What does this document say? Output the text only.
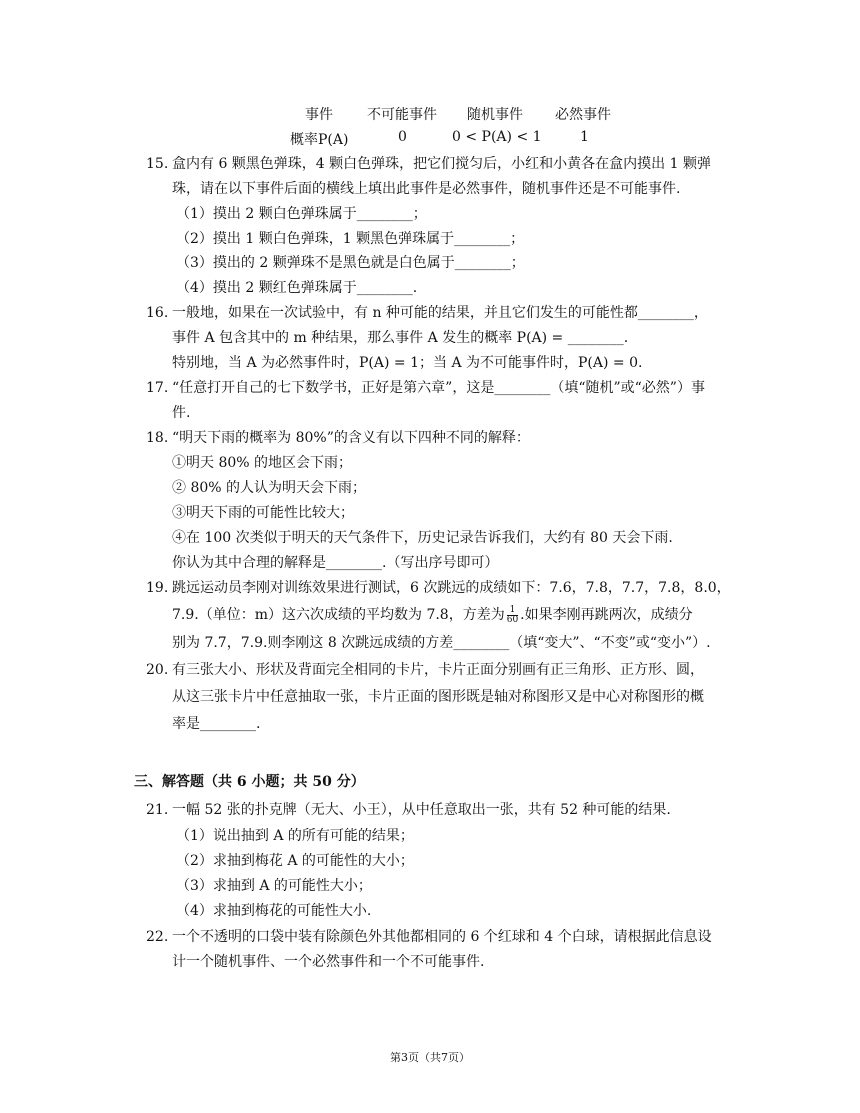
事件 不可能事件 随机事件 必然事件
概率P(A)	0	0 < P(A) < 1	1
15. 盒内有 6 颗黑色弹珠，4 颗白色弹珠，把它们搅匀后，小红和小黄各在盒内摸出 1 颗弹
珠，请在以下事件后面的横线上填出此事件是必然事件，随机事件还是不可能事件.
（1）摸出 2 颗白色弹珠属于________；
（2）摸出 1 颗白色弹珠，1 颗黑色弹珠属于________；
（3）摸出的 2 颗弹珠不是黑色就是白色属于________；
（4）摸出 2 颗红色弹珠属于________.
16. 一般地，如果在一次试验中，有 n 种可能的结果，并且它们发生的可能性都________，
事件 A 包含其中的 m 种结果，那么事件 A 发生的概率 P(A) = ________.
特别地，当 A 为必然事件时，P(A) = 1；当 A 为不可能事件时，P(A) = 0.
17. “任意打开自己的七下数学书，正好是第六章”，这是________（填“随机”或“必然”）事
件.
18. “明天下雨的概率为 80%”的含义有以下四种不同的解释：
①明天 80% 的地区会下雨；
② 80% 的人认为明天会下雨；
③明天下雨的可能性比较大；
④在 100 次类似于明天的天气条件下，历史记录告诉我们，大约有 80 天会下雨.
你认为其中合理的解释是________.（写出序号即可）
19. 跳远运动员李刚对训练效果进行测试，6 次跳远的成绩如下：7.6，7.8，7.7，7.8，8.0，
7.9.（单位：m）这六次成绩的平均数为 7.8，方差为 $\frac{1}{60}$ .如果李刚再跳两次，成绩分
别为 7.7，7.9.则李刚这 8 次跳远成绩的方差________（填“变大”、“不变”或“变小”）.
20. 有三张大小、形状及背面完全相同的卡片，卡片正面分别画有正三角形、正方形、圆，
从这三张卡片中任意抽取一张，卡片正面的图形既是轴对称图形又是中心对称图形的概
率是________.
三、解答题（共 6 小题；共 50 分）
21. 一幅 52 张的扑克牌（无大、小王），从中任意取出一张，共有 52 种可能的结果.
（1）说出抽到 A 的所有可能的结果；
（2）求抽到梅花 A 的可能性的大小；
（3）求抽到 A 的可能性大小；
（4）求抽到梅花的可能性大小.
22. 一个不透明的口袋中装有除颜色外其他都相同的 6 个红球和 4 个白球，请根据此信息设
计一个随机事件、一个必然事件和一个不可能事件.
第3页（共7页）
